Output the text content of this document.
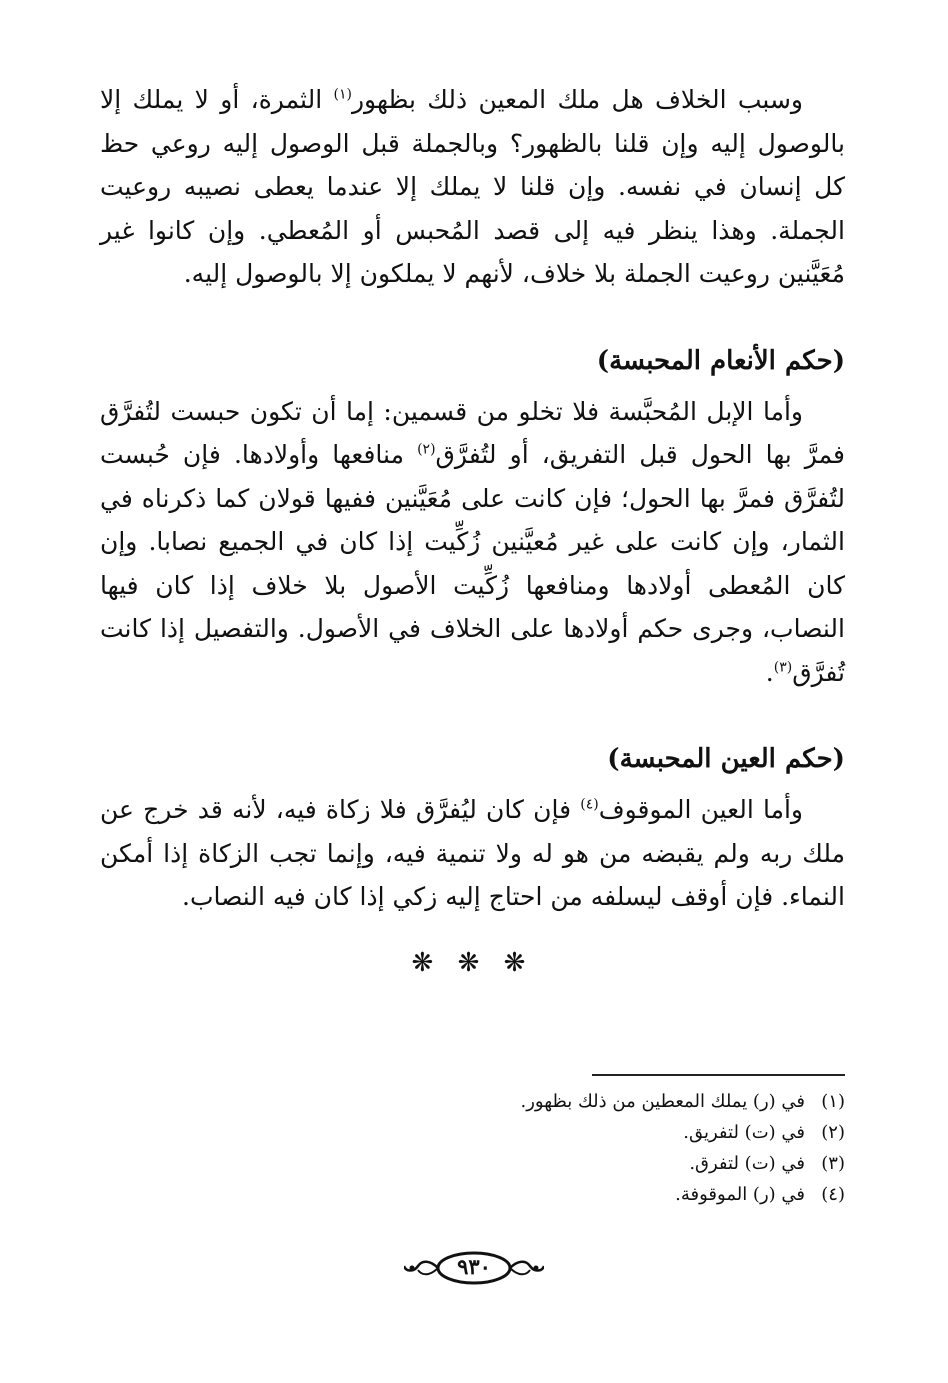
وسبب الخلاف هل ملك المعين ذلك بظهور$^{(١)}$ الثمرة، أو لا يملك إلا بالوصول إليه وإن قلنا بالظهور؟ وبالجملة قبل الوصول إليه روعي حظ كل إنسان في نفسه. وإن قلنا لا يملك إلا عندما يعطى نصيبه روعيت الجملة. وهذا ينظر فيه إلى قصد المُحبس أو المُعطي. وإن كانوا غير مُعَيَّنين روعيت الجملة بلا خلاف، لأنهم لا يملكون إلا بالوصول إليه.

(حكم الأنعام المحبسة)

وأما الإبل المُحبَّسة فلا تخلو من قسمين: إما أن تكون حبست لتُفرَّق فمرَّ بها الحول قبل التفريق، أو لتُفرَّق$^{(٢)}$ منافعها وأولادها. فإن حُبست لتُفرَّق فمرَّ بها الحول؛ فإن كانت على مُعَيَّنين ففيها قولان كما ذكرناه في الثمار، وإن كانت على غير مُعيَّنين زُكِّيت إذا كان في الجميع نصابا. وإن كان المُعطى أولادها ومنافعها زُكِّيت الأصول بلا خلاف إذا كان فيها النصاب، وجرى حكم أولادها على الخلاف في الأصول. والتفصيل إذا كانت تُفرَّق$^{(٣)}$.

(حكم العين المحبسة)

وأما العين الموقوف$^{(٤)}$ فإن كان ليُفرَّق فلا زكاة فيه، لأنه قد خرج عن ملك ربه ولم يقبضه من هو له ولا تنمية فيه، وإنما تجب الزكاة إذا أمكن النماء. فإن أوقف ليسلفه من احتاج إليه زكي إذا كان فيه النصاب.

❋ ❋ ❋
(١)في (ر) يملك المعطين من ذلك بظهور.
(٢)في (ت) لتفريق.
(٣)في (ت) لتفرق.
(٤)في (ر) الموقوفة.
٩٣٠
